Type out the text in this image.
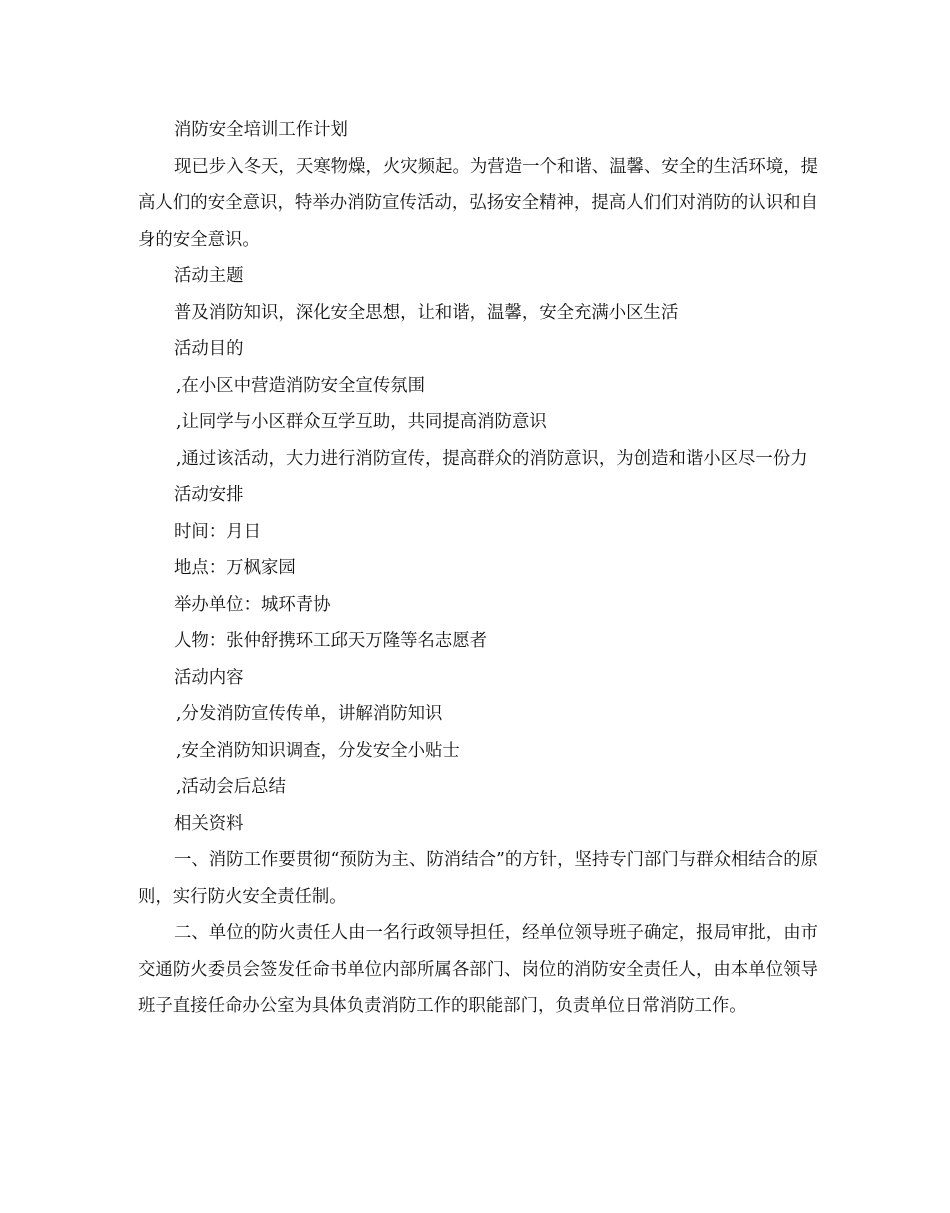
消防安全培训工作计划

现已步入冬天，天寒物燥，火灾频起。为营造一个和谐、温馨、安全的生活环境，提高人们的安全意识，特举办消防宣传活动，弘扬安全精神，提高人们们对消防的认识和自身的安全意识。

活动主题

普及消防知识，深化安全思想，让和谐，温馨，安全充满小区生活

活动目的

,在小区中营造消防安全宣传氛围

,让同学与小区群众互学互助，共同提高消防意识

,通过该活动，大力进行消防宣传，提高群众的消防意识，为创造和谐小区尽一份力

活动安排

时间：月日

地点：万枫家园

举办单位：城环青协

人物：张仲舒携环工邱天万隆等名志愿者

活动内容

,分发消防宣传传单，讲解消防知识

,安全消防知识调查，分发安全小贴士

,活动会后总结

相关资料

一、消防工作要贯彻“预防为主、防消结合”的方针，坚持专门部门与群众相结合的原则，实行防火安全责任制。

二、单位的防火责任人由一名行政领导担任，经单位领导班子确定，报局审批，由市交通防火委员会签发任命书单位内部所属各部门、岗位的消防安全责任人，由本单位领导班子直接任命办公室为具体负责消防工作的职能部门，负责单位日常消防工作。
